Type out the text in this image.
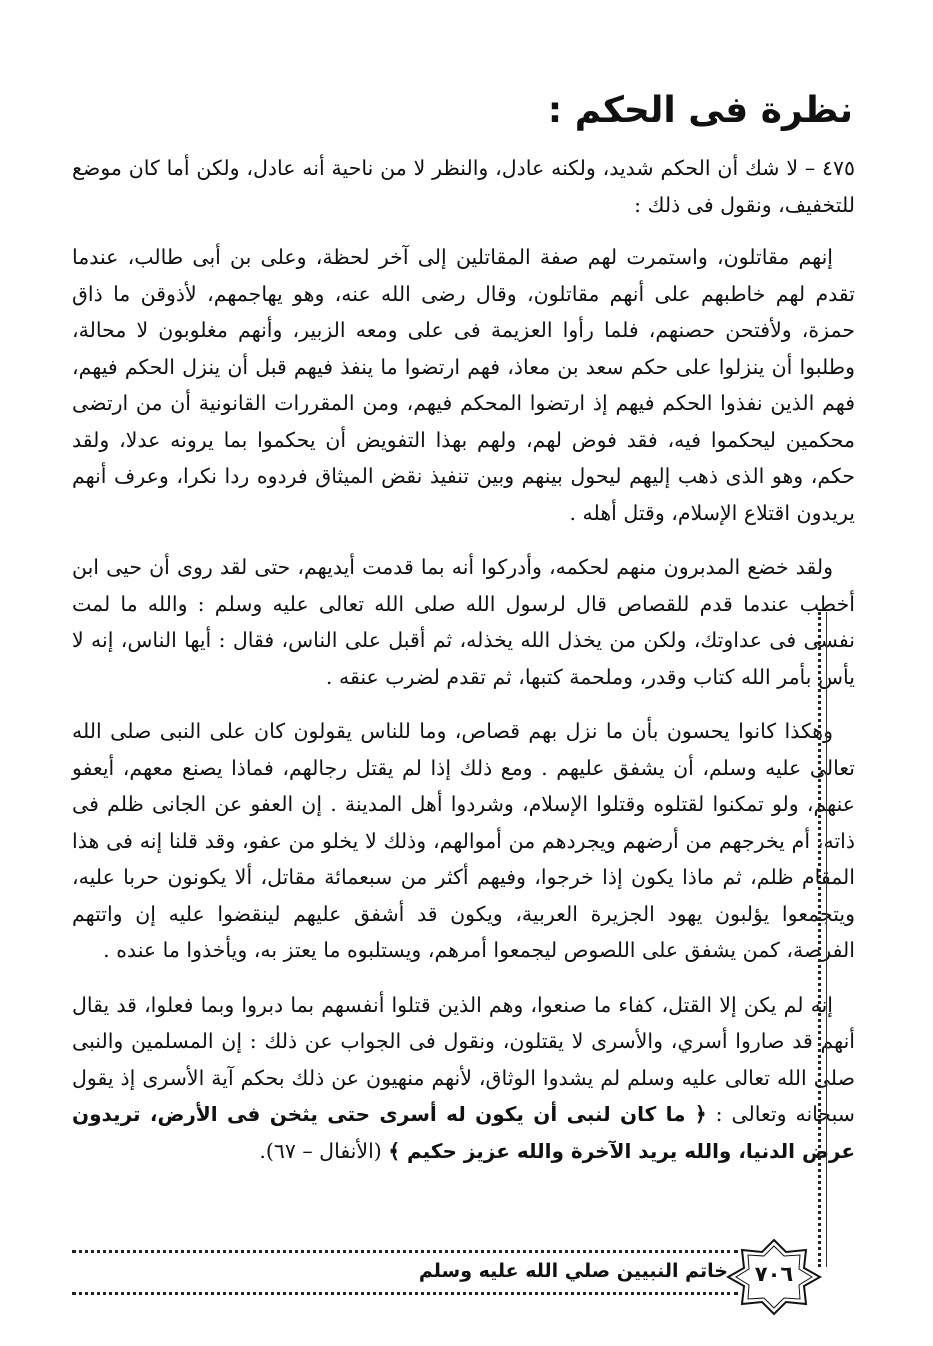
نظرة فى الحكم :

٤٧٥ – لا شك أن الحكم شديد، ولكنه عادل، والنظر لا من ناحية أنه عادل، ولكن أما كان موضع للتخفيف، ونقول فى ذلك :

إنهم مقاتلون، واستمرت لهم صفة المقاتلين إلى آخر لحظة، وعلى بن أبى طالب، عندما تقدم لهم خاطبهم على أنهم مقاتلون، وقال رضى الله عنه، وهو يهاجمهم، لأذوقن ما ذاق حمزة، ولأفتحن حصنهم، فلما رأوا العزيمة فى على ومعه الزبير، وأنهم مغلوبون لا محالة، وطلبوا أن ينزلوا على حكم سعد بن معاذ، فهم ارتضوا ما ينفذ فيهم قبل أن ينزل الحكم فيهم، فهم الذين نفذوا الحكم فيهم إذ ارتضوا المحكم فيهم، ومن المقررات القانونية أن من ارتضى محكمين ليحكموا فيه، فقد فوض لهم، ولهم بهذا التفويض أن يحكموا بما يرونه عدلا، ولقد حكم، وهو الذى ذهب إليهم ليحول بينهم وبين تنفيذ نقض الميثاق فردوه ردا نكرا، وعرف أنهم يريدون اقتلاع الإسلام، وقتل أهله .

ولقد خضع المدبرون منهم لحكمه، وأدركوا أنه بما قدمت أيديهم، حتى لقد روى أن حيى ابن أخطب عندما قدم للقصاص قال لرسول الله صلى الله تعالى عليه وسلم : والله ما لمت نفسى فى عداوتك، ولكن من يخذل الله يخذله، ثم أقبل على الناس، فقال : أيها الناس، إنه لا يأس بأمر الله كتاب وقدر، وملحمة كتبها، ثم تقدم لضرب عنقه .

وهكذا كانوا يحسون بأن ما نزل بهم قصاص، وما للناس يقولون كان على النبى صلى الله تعالى عليه وسلم، أن يشفق عليهم . ومع ذلك إذا لم يقتل رجالهم، فماذا يصنع معهم، أيعفو عنهم، ولو تمكنوا لقتلوه وقتلوا الإسلام، وشردوا أهل المدينة . إن العفو عن الجانى ظلم فى ذاته، أم يخرجهم من أرضهم ويجردهم من أموالهم، وذلك لا يخلو من عفو، وقد قلنا إنه فى هذا المقام ظلم، ثم ماذا يكون إذا خرجوا، وفيهم أكثر من سبعمائة مقاتل، ألا يكونون حربا عليه، ويتجمعوا يؤلبون يهود الجزيرة العربية، ويكون قد أشفق عليهم لينقضوا عليه إن واتتهم الفرصة، كمن يشفق على اللصوص ليجمعوا أمرهم، ويستلبوه ما يعتز به، ويأخذوا ما عنده .

إنه لم يكن إلا القتل، كفاء ما صنعوا، وهم الذين قتلوا أنفسهم بما دبروا وبما فعلوا، قد يقال أنهم قد صاروا أسري، والأسرى لا يقتلون، ونقول فى الجواب عن ذلك : إن المسلمين والنبى صلى الله تعالى عليه وسلم لم يشدوا الوثاق، لأنهم منهيون عن ذلك بحكم آية الأسرى إذ يقول سبحانه وتعالى : ﴿ ما كان لنبى أن يكون له أسرى حتى يثخن فى الأرض، تريدون عرض الدنيا، والله يريد الآخرة والله عزيز حكيم ﴾ (الأنفال – ٦٧).

خاتم النبيين صلي الله عليه وسلم	٧٠٦
